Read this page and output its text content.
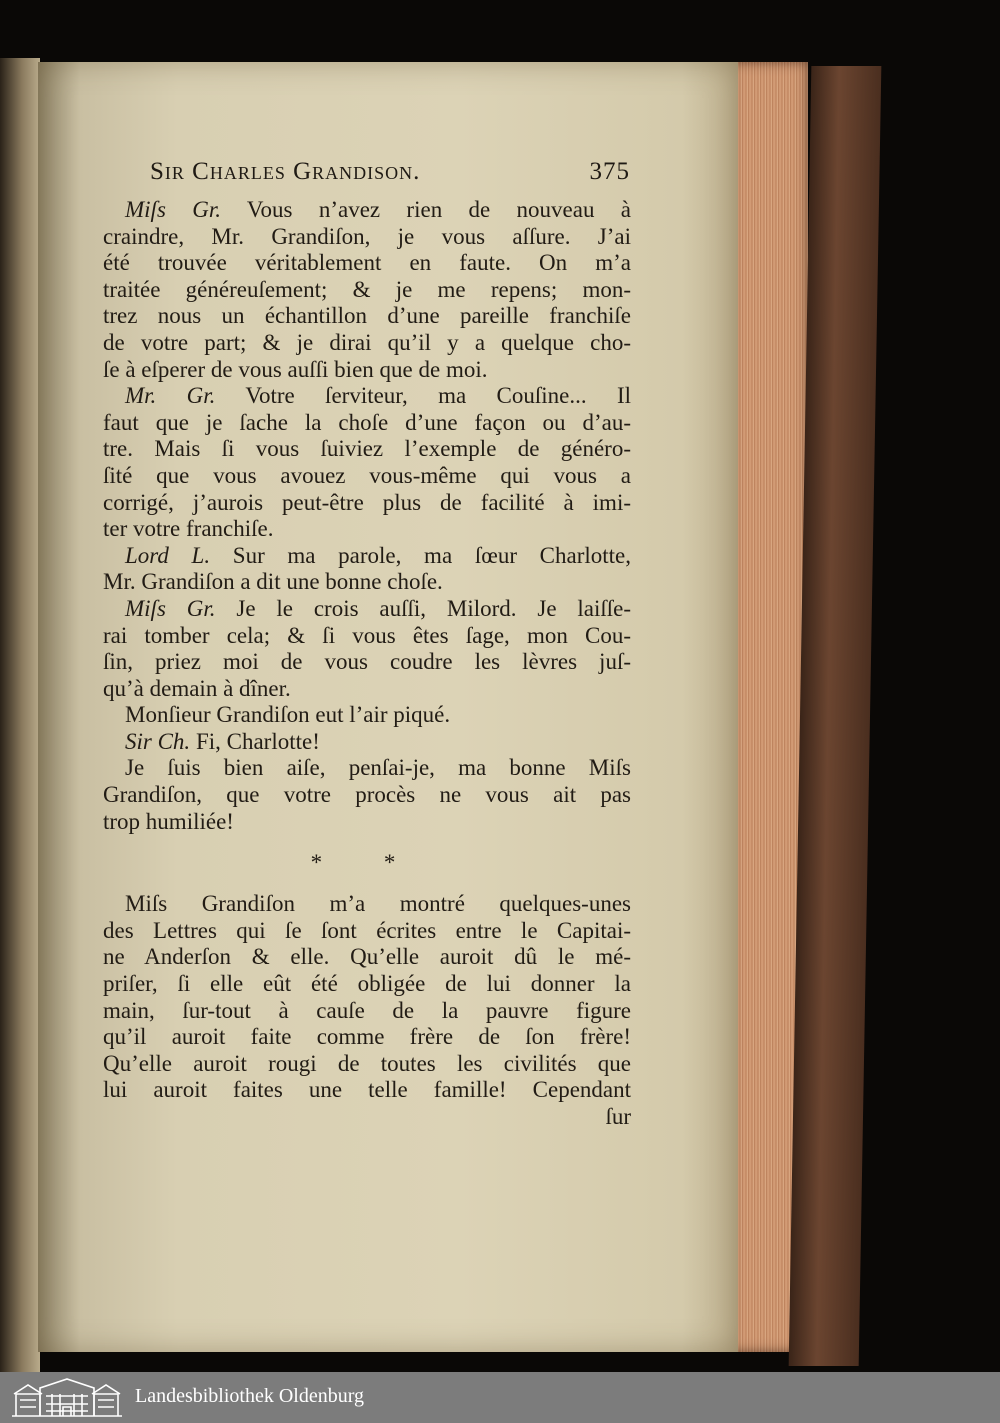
Sir Charles Grandison.	375
Miſs Gr. Vous n’avez rien de nouveau à
craindre, Mr. Grandiſon, je vous aſſure. J’ai
été trouvée véritablement en faute. On m’a
traitée généreuſement; & je me repens; mon-
trez nous un échantillon d’une pareille franchiſe
de votre part; & je dirai qu’il y a quelque cho-
ſe à eſperer de vous auſſi bien que de moi.
Mr. Gr. Votre ſerviteur, ma Couſine... Il
faut que je ſache la choſe d’une façon ou d’au-
tre. Mais ſi vous ſuiviez l’exemple de généro-
ſité que vous avouez vous-même qui vous a
corrigé, j’aurois peut-être plus de facilité à imi-
ter votre franchiſe.
Lord L. Sur ma parole, ma ſœur Charlotte,
Mr. Grandiſon a dit une bonne choſe.
Miſs Gr. Je le crois auſſi, Milord. Je laiſſe-
rai tomber cela; & ſi vous êtes ſage, mon Cou-
ſin, priez moi de vous coudre les lèvres juſ-
qu’à demain à dîner.
Monſieur Grandiſon eut l’air piqué.
Sir Ch. Fi, Charlotte!
Je ſuis bien aiſe, penſai-je, ma bonne Miſs
Grandiſon, que votre procès ne vous ait pas
trop humiliée!
* *
Miſs Grandiſon m’a montré quelques-unes
des Lettres qui ſe ſont écrites entre le Capitai-
ne Anderſon & elle. Qu’elle auroit dû le mé-
priſer, ſi elle eût été obligée de lui donner la
main, ſur-tout à cauſe de la pauvre figure
qu’il auroit faite comme frère de ſon frère!
Qu’elle auroit rougi de toutes les civilités que
lui auroit faites une telle famille! Cependant
ſur
Landesbibliothek Oldenburg
